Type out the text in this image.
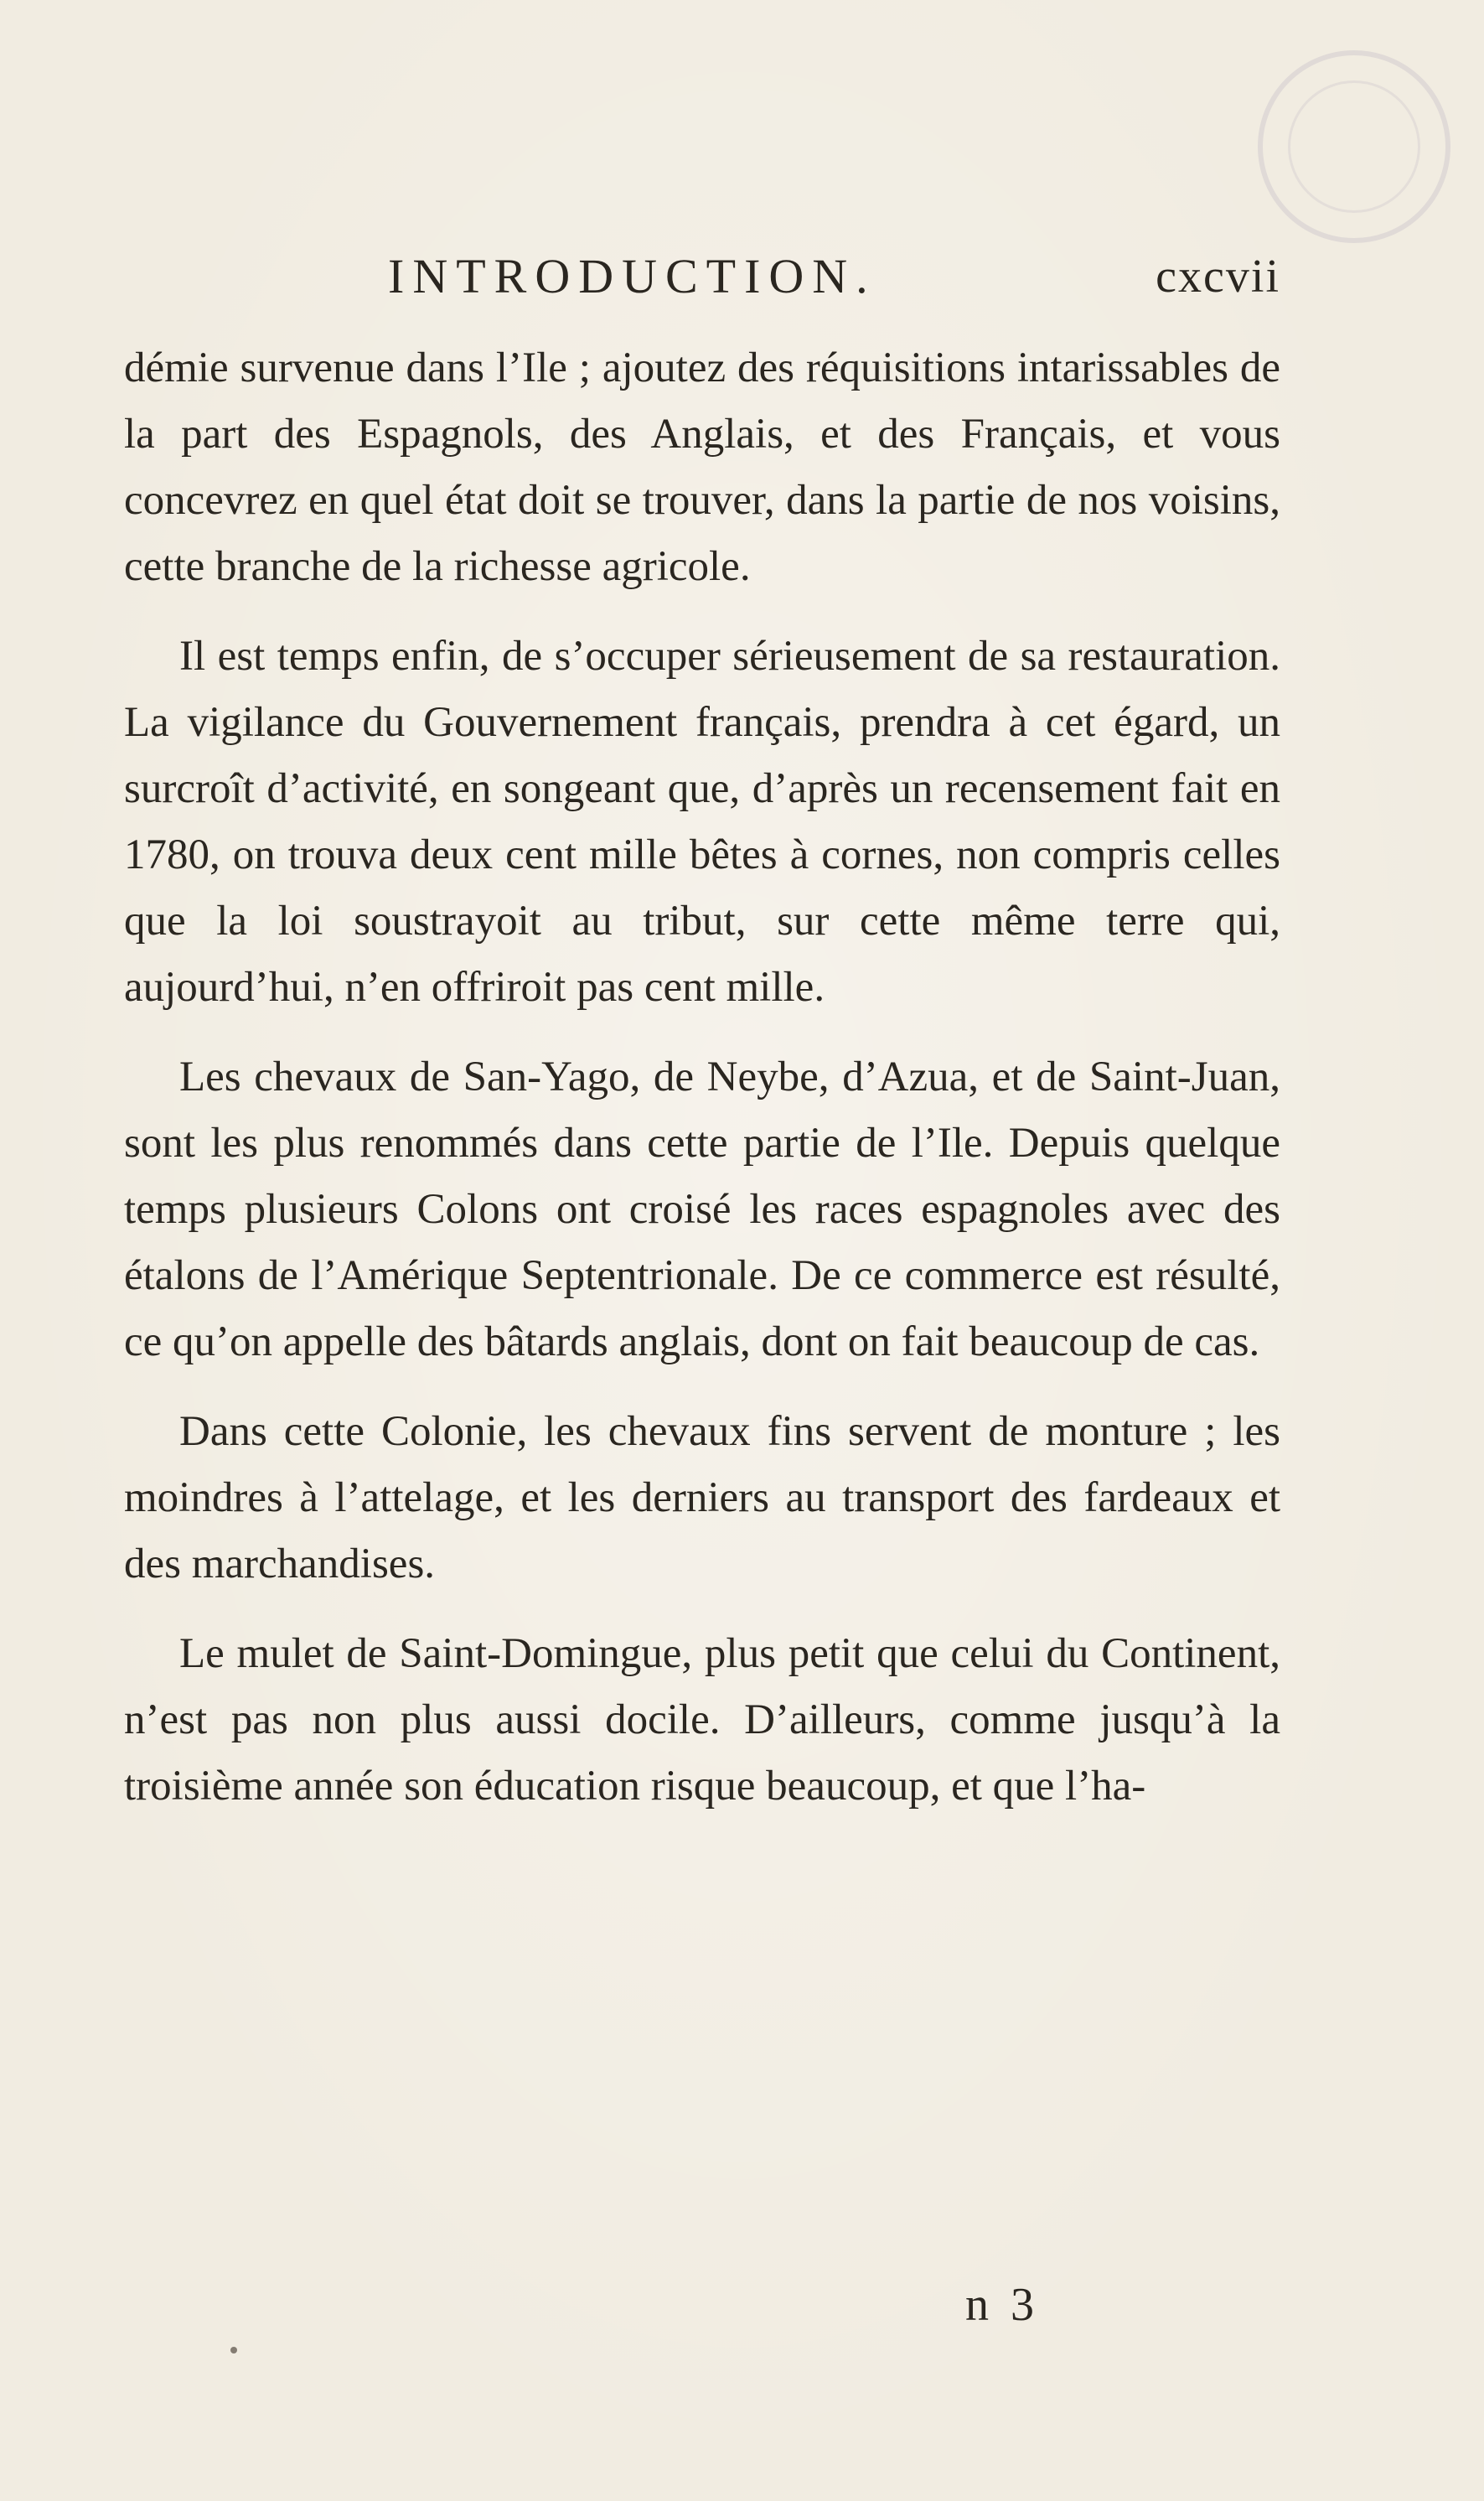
INTRODUCTION.	cxcvii

démie survenue dans l’Ile ; ajoutez des réquisitions intarissables de la part des Espagnols, des Anglais, et des Français, et vous concevrez en quel état doit se trouver, dans la partie de nos voisins, cette branche de la richesse agricole.

Il est temps enfin, de s’occuper sérieusement de sa restauration. La vigilance du Gouvernement français, prendra à cet égard, un surcroît d’activité, en songeant que, d’après un recensement fait en 1780, on trouva deux cent mille bêtes à cornes, non compris celles que la loi soustrayoit au tribut, sur cette même terre qui, aujourd’hui, n’en offriroit pas cent mille.

Les chevaux de San-Yago, de Neybe, d’Azua, et de Saint-Juan, sont les plus renommés dans cette partie de l’Ile. Depuis quelque temps plusieurs Colons ont croisé les races espagnoles avec des étalons de l’Amérique Septentrionale. De ce commerce est résulté, ce qu’on appelle des bâtards anglais, dont on fait beaucoup de cas.

Dans cette Colonie, les chevaux fins servent de monture ; les moindres à l’attelage, et les derniers au transport des fardeaux et des marchandises.

Le mulet de Saint-Domingue, plus petit que celui du Continent, n’est pas non plus aussi docile. D’ailleurs, comme jusqu’à la troisième année son éducation risque beaucoup, et que l’ha-

n 3
